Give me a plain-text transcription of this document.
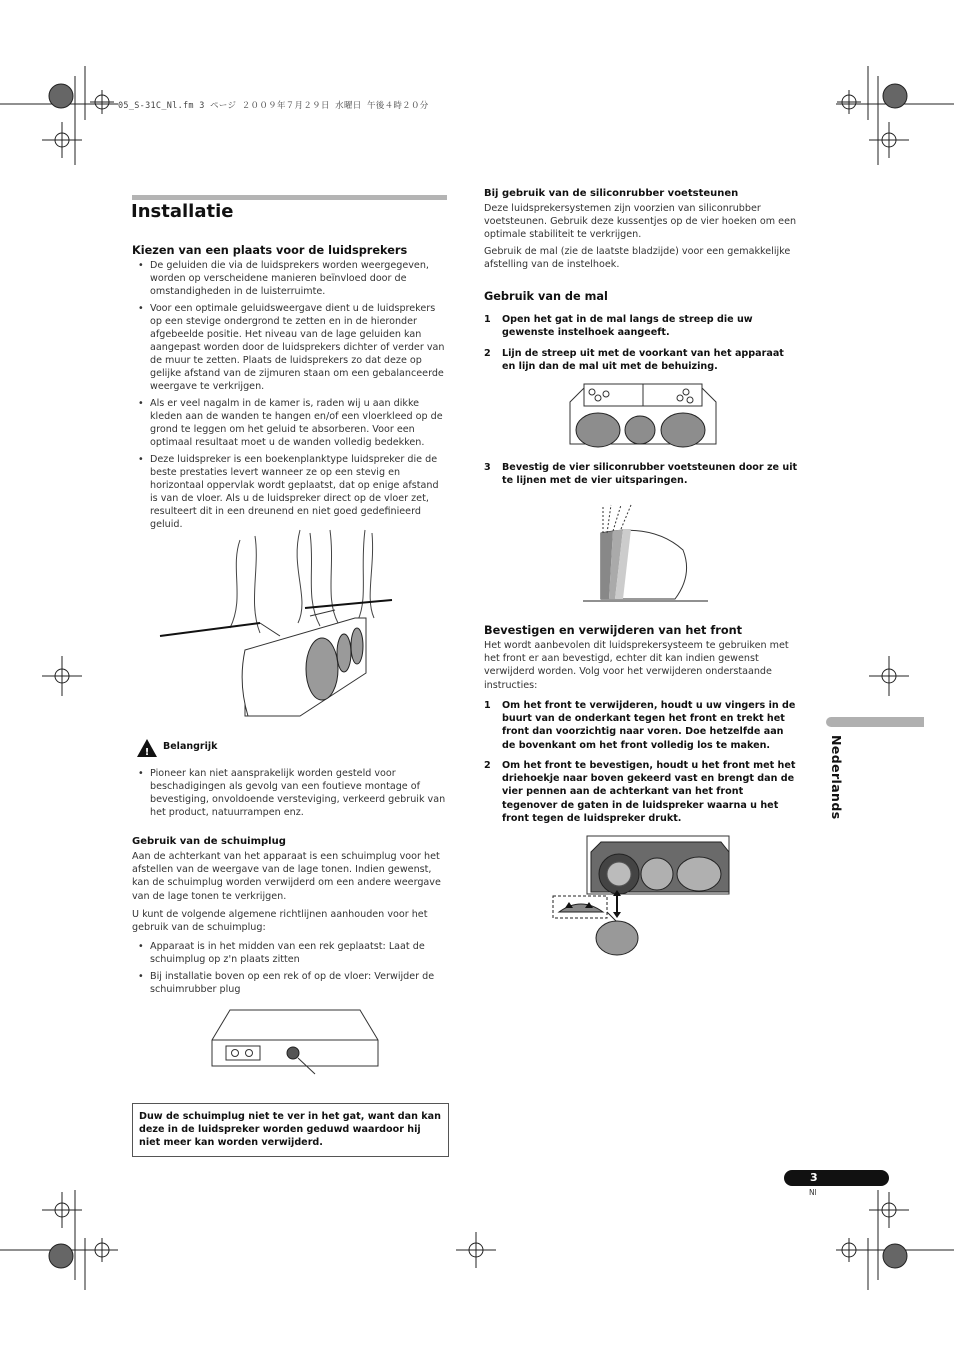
05_S-31C_Nl.fm 3 ページ ２００９年７月２９日 水曜日 午後４時２０分
Installatie
Kiezen van een plaats voor de luidsprekers
• De geluiden die via de luidsprekers worden weergegeven, worden op verscheidene manieren beïnvloed door de omstandigheden in de luisterruimte.
• Voor een optimale geluidsweergave dient u de luidsprekers op een stevige ondergrond te zetten en in de hieronder afgebeelde positie. Het niveau van de lage geluiden kan aangepast worden door de luidsprekers dichter of verder van de muur te zetten. Plaats de luidsprekers zo dat deze op gelijke afstand van de zijmuren staan om een gebalanceerde weergave te verkrijgen.
• Als er veel nagalm in de kamer is, raden wij u aan dikke kleden aan de wanden te hangen en/of een vloerkleed op de grond te leggen om het geluid te absorberen. Voor een optimaal resultaat moet u de wanden volledig bedekken.
• Deze luidspreker is een boekenplanktype luidspreker die de beste prestaties levert wanneer ze op een stevig en horizontaal oppervlak wordt geplaatst, dat op enige afstand is van de vloer. Als u de luidspreker direct op de vloer zet, resulteert dit in een dreunend en niet goed gedefinieerd geluid.
!
Belangrijk
• Pioneer kan niet aansprakelijk worden gesteld voor beschadigingen als gevolg van een foutieve montage of bevestiging, onvoldoende versteviging, verkeerd gebruik van het product, natuurrampen enz.
Gebruik van de schuimplug
Aan de achterkant van het apparaat is een schuimplug voor het afstellen van de weergave van de lage tonen. Indien gewenst, kan de schuimplug worden verwijderd om een andere weergave van de lage tonen te verkrijgen.
U kunt de volgende algemene richtlijnen aanhouden voor het gebruik van de schuimplug:
• Apparaat is in het midden van een rek geplaatst: Laat de schuimplug op z'n plaats zitten
• Bij installatie boven op een rek of op de vloer: Verwijder de schuimrubber plug
Duw de schuimplug niet te ver in het gat, want dan kan deze in de luidspreker worden geduwd waardoor hij niet meer kan worden verwijderd.
Bij gebruik van de siliconrubber voetsteunen
Deze luidsprekersystemen zijn voorzien van siliconrubber voetsteunen. Gebruik deze kussentjes op de vier hoeken om een optimale stabiliteit te verkrijgen.
Gebruik de mal (zie de laatste bladzijde) voor een gemakkelijke afstelling van de instelhoek.
Gebruik van de mal
1	Open het gat in de mal langs de streep die uw gewenste instelhoek aangeeft.
2	Lijn de streep uit met de voorkant van het apparaat en lijn dan de mal uit met de behuizing.
3	Bevestig de vier siliconrubber voetsteunen door ze uit te lijnen met de vier uitsparingen.
Bevestigen en verwijderen van het front
Het wordt aanbevolen dit luidsprekersysteem te gebruiken met het front er aan bevestigd, echter dit kan indien gewenst verwijderd worden. Volg voor het verwijderen onderstaande instructies:
1	Om het front te verwijderen, houdt u uw vingers in de buurt van de onderkant tegen het front en trekt het front dan voorzichtig naar voren. Doe hetzelfde aan de bovenkant om het front volledig los te maken.
2	Om het front te bevestigen, houdt u het front met het driehoekje naar boven gekeerd vast en brengt dan de vier pennen aan de achterkant van het front tegenover de gaten in de luidspreker waarna u het front tegen de luidspreker drukt.	Nederlands
3
Nl
